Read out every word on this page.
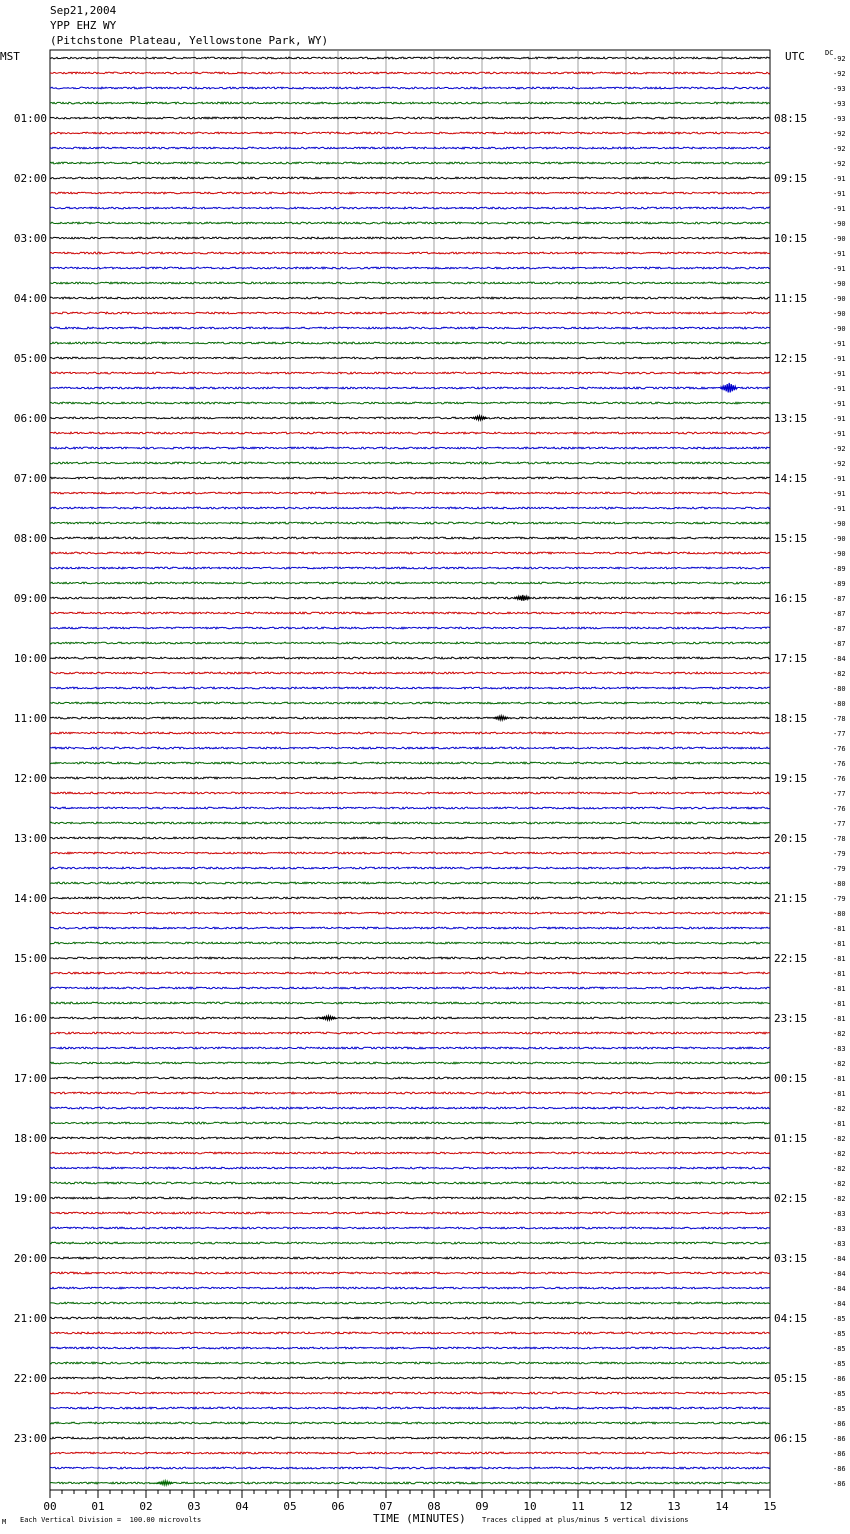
Sep21,2004
YPP EHZ WY
(Pitchstone Plateau, Yellowstone Park, WY)
MST	UTC	DC
01:00
02:00
03:00
04:00
05:00
06:00
07:00
08:00
09:00
10:00
11:00
12:00
13:00
14:00
15:00
16:00
17:00
18:00
19:00
20:00
21:00
22:00
23:00
08:15
09:15
10:15
11:15
12:15
13:15
14:15
15:15
16:15
17:15
18:15
19:15
20:15
21:15
22:15
23:15
00:15
01:15
02:15
03:15
04:15
05:15
06:15
-92
-92
-93
-93
-93
-92
-92
-92
-91
-91
-91
-90
-90
-91
-91
-90
-90
-90
-90
-91
-91
-91
-91
-91
-91
-91
-92
-92
-91
-91
-91
-90
-90
-90
-89
-89
-87
-87
-87
-87
-84
-82
-80
-80
-78
-77
-76
-76
-76
-77
-76
-77
-78
-79
-79
-80
-79
-80
-81
-81
-81
-81
-81
-81
-81
-82
-83
-82
-81
-81
-82
-81
-82
-82
-82
-82
-82
-83
-83
-83
-84
-84
-84
-84
-85
-85
-85
-85
-86
-85
-85
-86
-86
-86
-86
-86
00	01	02	03	04	05	06	07	08	09	10	11	12	13	14	15
TIME (MINUTES)
Each Vertical Division =  100.00 microvolts	Traces clipped at plus/minus 5 vertical divisions
M
